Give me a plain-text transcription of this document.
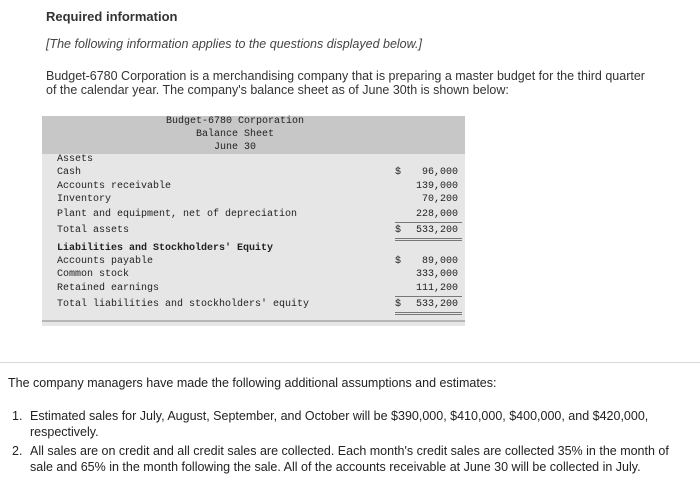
Required information
[The following information applies to the questions displayed below.]
Budget-6780 Corporation is a merchandising company that is preparing a master budget for the third quarter of the calendar year. The company's balance sheet as of June 30th is shown below:
Budget-6780 Corporation
Balance Sheet
June 30
Assets
Cash	$ 96,000
Accounts receivable	139,000
Inventory	70,200
Plant and equipment, net of depreciation	228,000
Total assets	$ 533,200
Liabilities and Stockholders' Equity
Accounts payable	$ 89,000
Common stock	333,000
Retained earnings	111,200
Total liabilities and stockholders' equity	$ 533,200
The company managers have made the following additional assumptions and estimates:
1. Estimated sales for July, August, September, and October will be $390,000, $410,000, $400,000, and $420,000, respectively.
2. All sales are on credit and all credit sales are collected. Each month's credit sales are collected 35% in the month of sale and 65% in the month following the sale. All of the accounts receivable at June 30 will be collected in July.
